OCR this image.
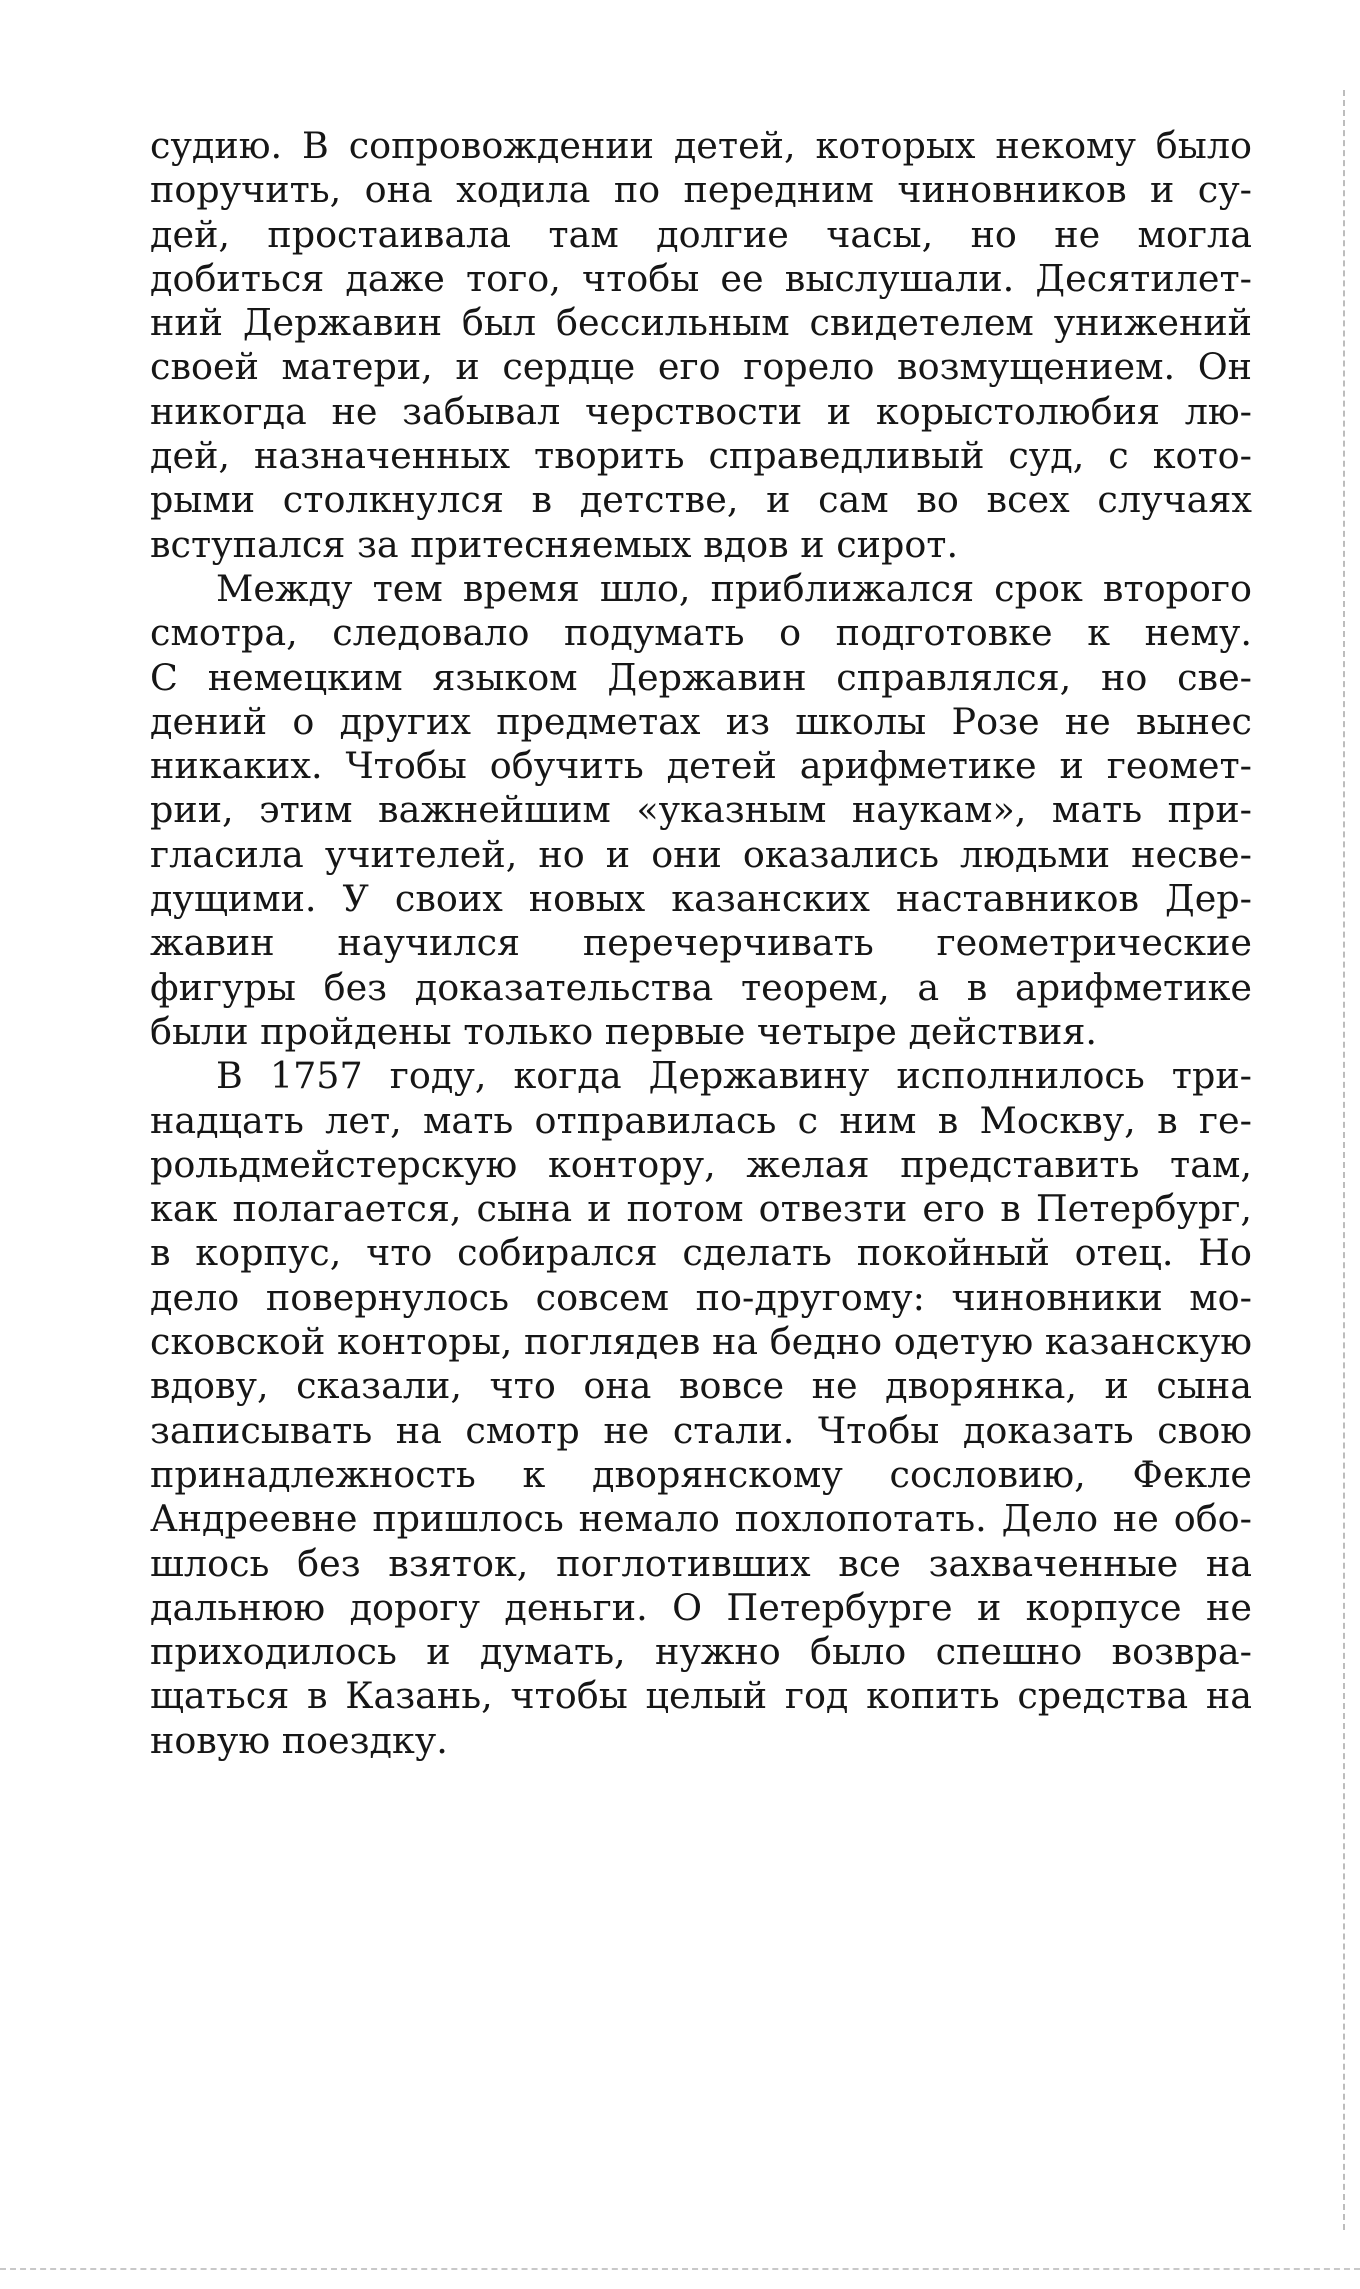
судию. В сопровождении детей, которых некому было
поручить, она ходила по передним чиновников и су-
дей, простаивала там долгие часы, но не могла
добиться даже того, чтобы ее выслушали. Десятилет-
ний Державин был бессильным свидетелем унижений
своей матери, и сердце его горело возмущением. Он
никогда не забывал черствости и корыстолюбия лю-
дей, назначенных творить справедливый суд, с кото-
рыми столкнулся в детстве, и сам во всех случаях
вступался за притесняемых вдов и сирот.
Между тем время шло, приближался срок второго
смотра, следовало подумать о подготовке к нему.
С немецким языком Державин справлялся, но све-
дений о других предметах из школы Розе не вынес
никаких. Чтобы обучить детей арифметике и геомет-
рии, этим важнейшим «указным наукам», мать при-
гласила учителей, но и они оказались людьми несве-
дущими. У своих новых казанских наставников Дер-
жавин научился перечерчивать геометрические
фигуры без доказательства теорем, а в арифметике
были пройдены только первые четыре действия.
В 1757 году, когда Державину исполнилось три-
надцать лет, мать отправилась с ним в Москву, в ге-
рольдмейстерскую контору, желая представить там,
как полагается, сына и потом отвезти его в Петербург,
в корпус, что собирался сделать покойный отец. Но
дело повернулось совсем по-другому: чиновники мо-
сковской конторы, поглядев на бедно одетую казанскую
вдову, сказали, что она вовсе не дворянка, и сына
записывать на смотр не стали. Чтобы доказать свою
принадлежность к дворянскому сословию, Фекле
Андреевне пришлось немало похлопотать. Дело не обо-
шлось без взяток, поглотивших все захваченные на
дальнюю дорогу деньги. О Петербурге и корпусе не
приходилось и думать, нужно было спешно возвра-
щаться в Казань, чтобы целый год копить средства на
новую поездку.
